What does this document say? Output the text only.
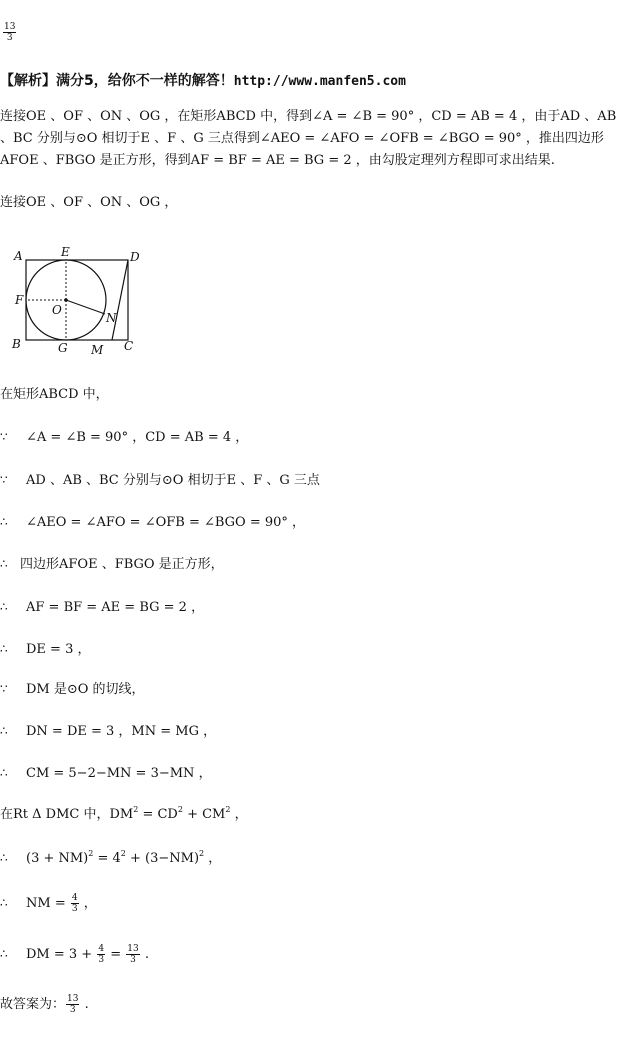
$\frac{13}{3}$
【解析】满分5，给你不一样的解答！http://www.manfen5.com
连接OE 、OF 、ON 、OG ，在矩形ABCD 中，得到∠A = ∠B = 90° ，CD = AB = 4 ，由于AD 、AB 、BC 分别与⊙O 相切于E 、F 、G 三点得到∠AEO = ∠AFO = ∠OFB = ∠BGO = 90° ，推出四边形 AFOE 、FBGO 是正方形，得到AF = BF = AE = BG = 2 ，由勾股定理列方程即可求出结果.
连接OE 、OF 、ON 、OG ，
A	E	D
F
O
N
B	G M C
在矩形ABCD 中，
∵ ∠A = ∠B = 90° ，CD = AB = 4 ，
∵ AD 、AB 、BC 分别与⊙O 相切于E 、F 、G 三点
∴ ∠AEO = ∠AFO = ∠OFB = ∠BGO = 90° ，
∴ 四边形AFOE 、FBGO 是正方形，
∴ AF = BF = AE = BG = 2 ，
∴ DE = 3 ，
∵ DM 是⊙O 的切线，
∴ DN = DE = 3 ，MN = MG ，
∴ CM = 5−2−MN = 3−MN ，
在Rt Δ DMC 中，$DM^2 = CD^2 + CM^2$ ，
∴ $(3 + NM)^2 = 4^2 + (3-NM)^2$ ，
∴ NM = $\frac{4}{3}$ ，
∴ DM = $3 + \frac{4}{3} = \frac{13}{3}$ .
故答案为： $\frac{13}{3}$ .
